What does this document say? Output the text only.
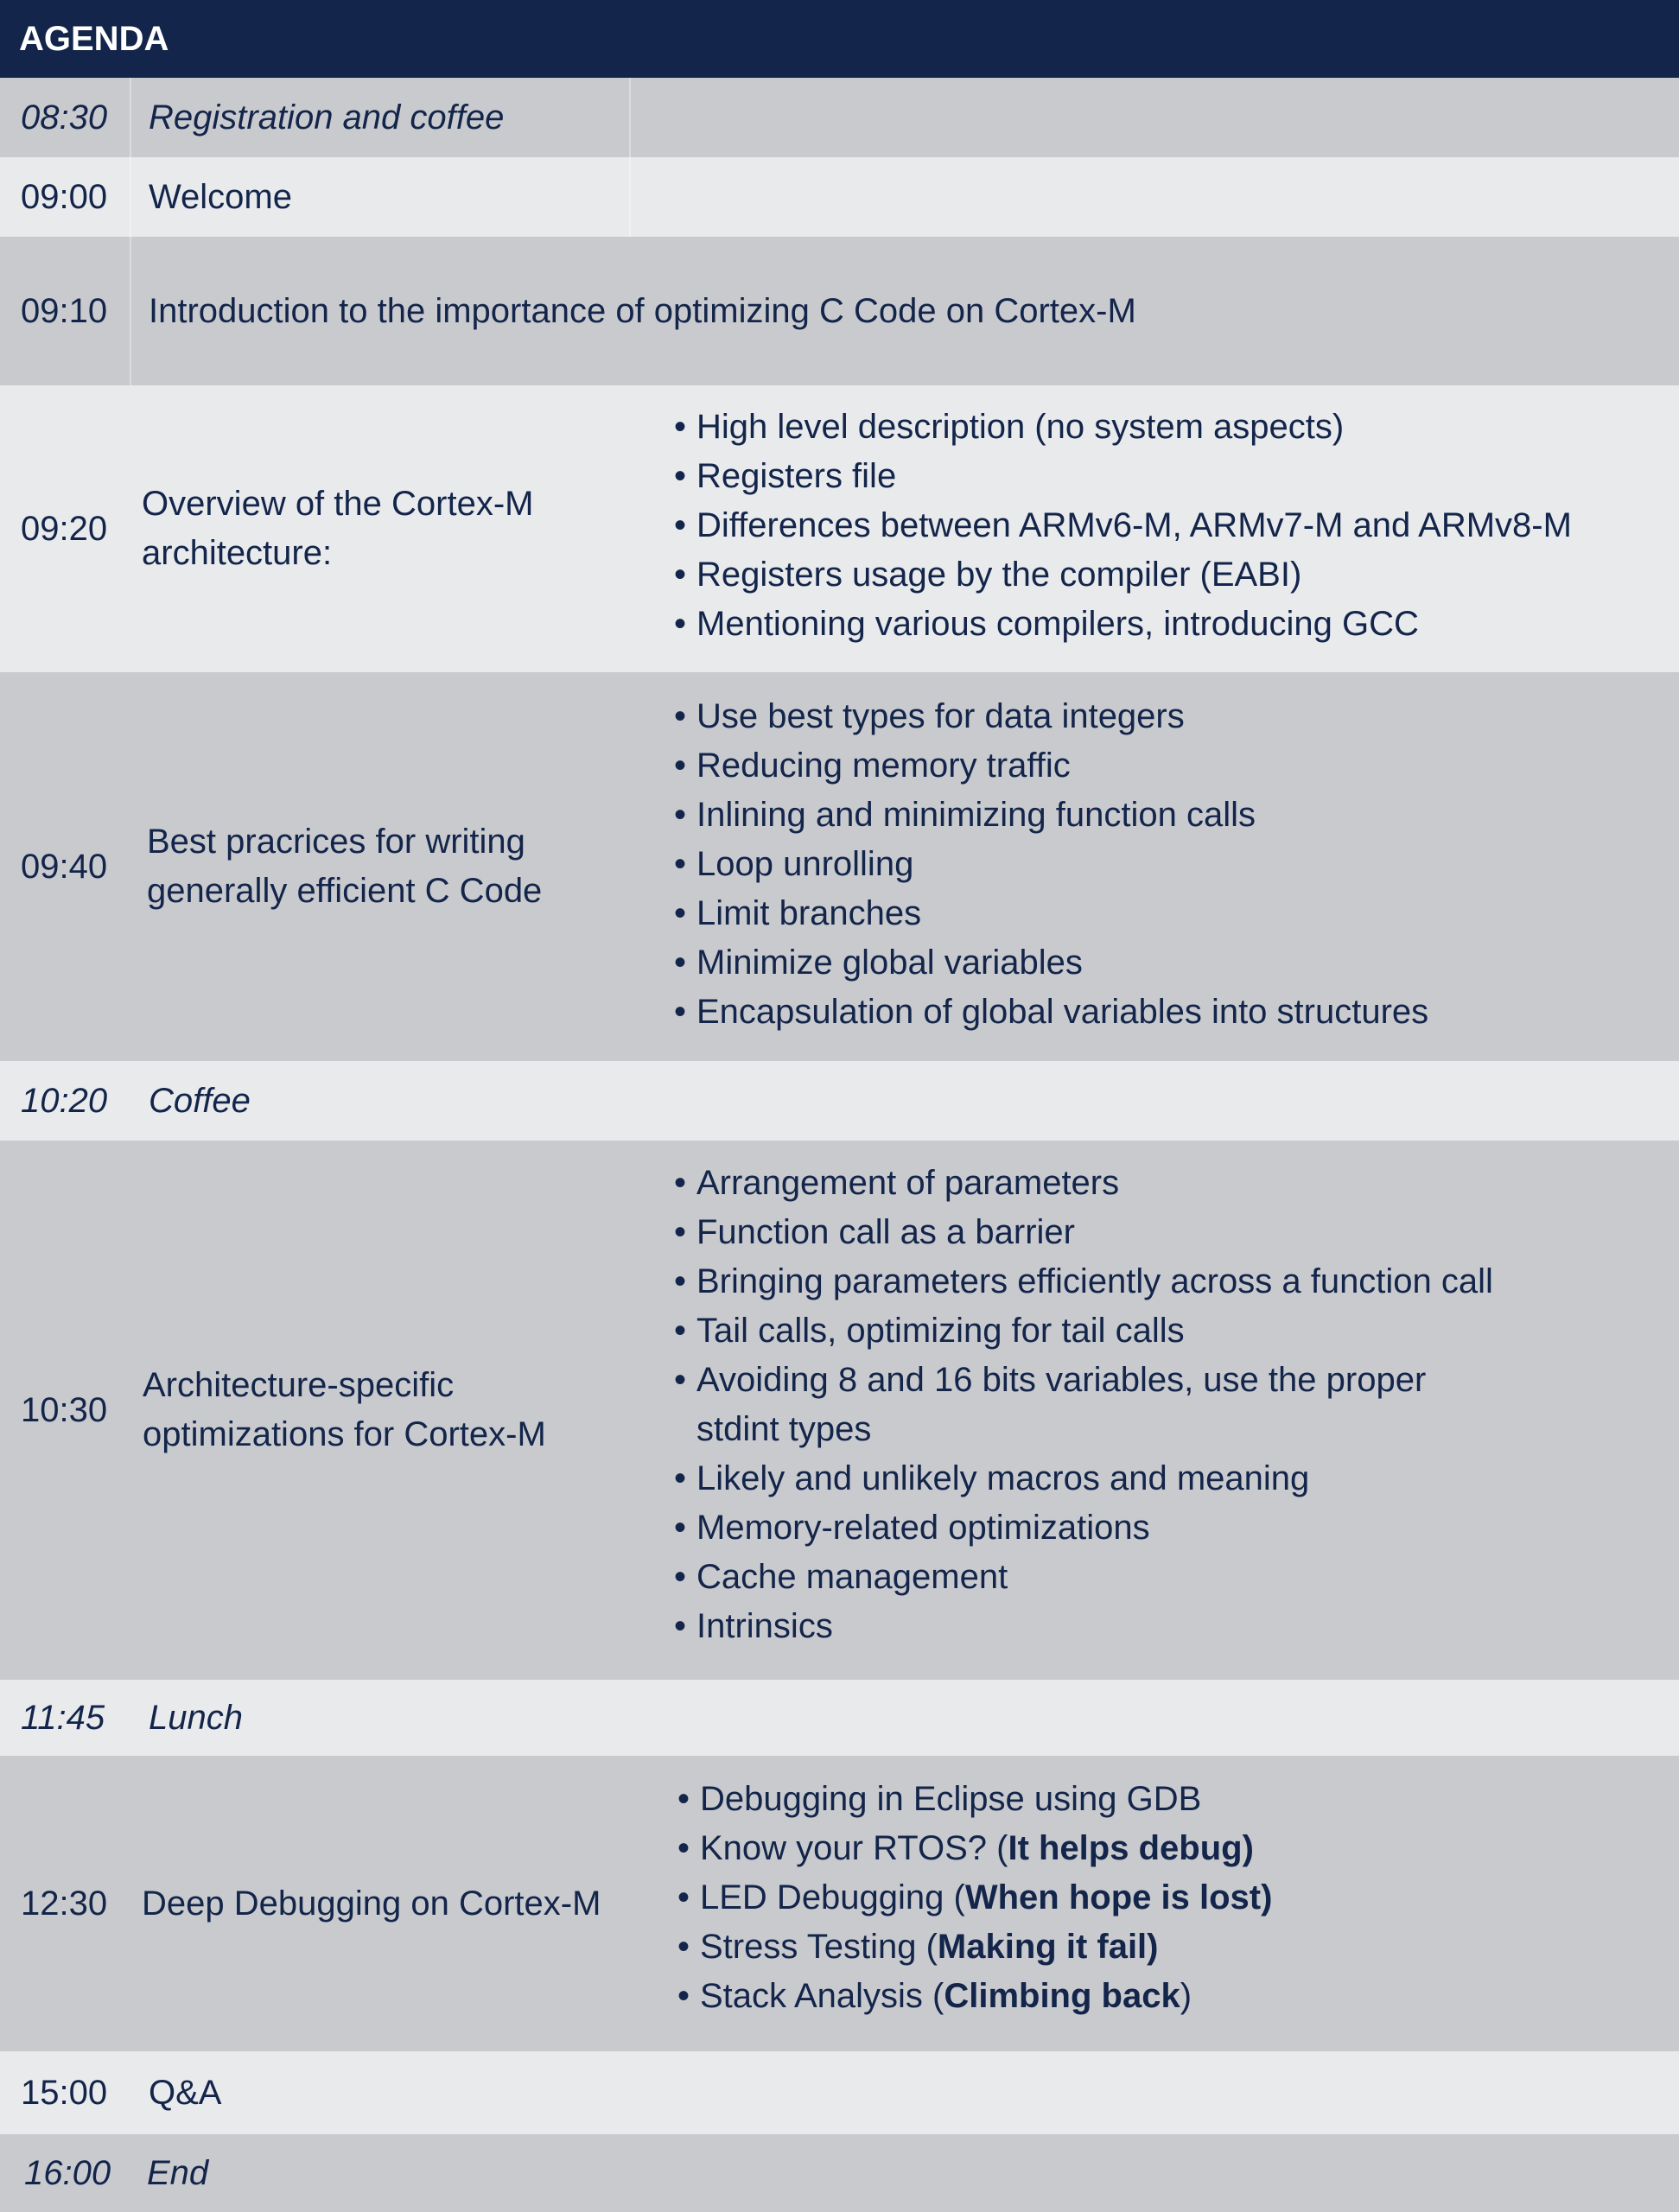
AGENDA
08:30 Registration and coffee
09:00 Welcome
09:10 Introduction to the importance of optimizing C Code on Cortex-M
09:20
Overview of the Cortex-M
architecture:
• High level description (no system aspects)
• Registers file
• Differences between ARMv6-M, ARMv7-M and ARMv8-M
• Registers usage by the compiler (EABI)
• Mentioning various compilers, introducing GCC
09:40
Best pracrices for writing
generally efficient C Code
• Use best types for data integers
• Reducing memory traffic
• Inlining and minimizing function calls
• Loop unrolling
• Limit branches
• Minimize global variables
• Encapsulation of global variables into structures
10:20 Coffee
10:30
Architecture-specific
optimizations for Cortex-M
• Arrangement of parameters
• Function call as a barrier
• Bringing parameters efficiently across a function call
• Tail calls, optimizing for tail calls
• Avoiding 8 and 16 bits variables, use the proper
stdint types
• Likely and unlikely macros and meaning
• Memory-related optimizations
• Cache management
• Intrinsics
11:45 Lunch
12:30 Deep Debugging on Cortex-M
• Debugging in Eclipse using GDB
• Know your RTOS? (It helps debug)
• LED Debugging (When hope is lost)
• Stress Testing (Making it fail)
• Stack Analysis (Climbing back)
15:00 Q&A
16:00 End
